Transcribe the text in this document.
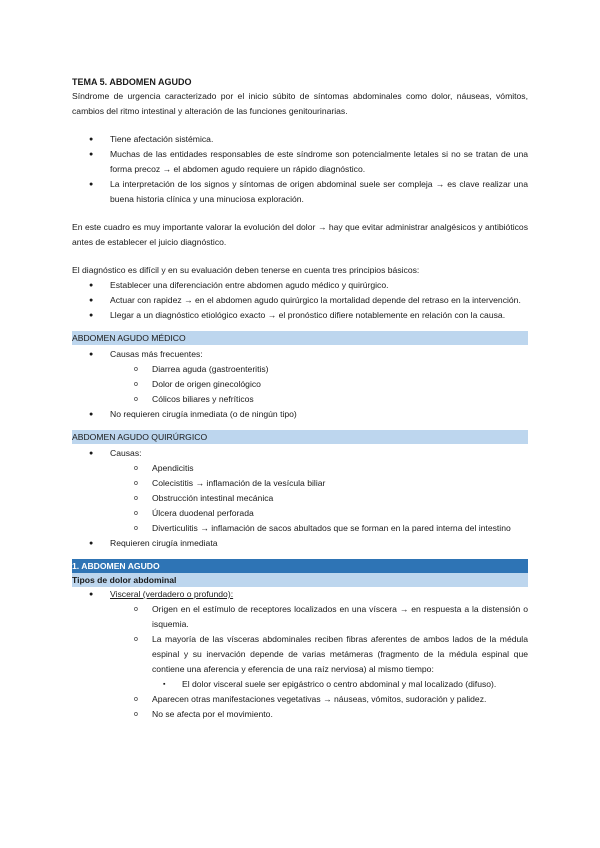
TEMA 5. ABDOMEN AGUDO
Síndrome de urgencia caracterizado por el inicio súbito de síntomas abdominales como dolor, náuseas, vómitos, cambios del ritmo intestinal y alteración de las funciones genitourinarias.
● Tiene afectación sistémica.
● Muchas de las entidades responsables de este síndrome son potencialmente letales si no se tratan de una forma precoz → el abdomen agudo requiere un rápido diagnóstico.
● La interpretación de los signos y síntomas de origen abdominal suele ser compleja → es clave realizar una buena historia clínica y una minuciosa exploración.
En este cuadro es muy importante valorar la evolución del dolor → hay que evitar administrar analgésicos y antibióticos antes de establecer el juicio diagnóstico.
El diagnóstico es difícil y en su evaluación deben tenerse en cuenta tres principios básicos:
● Establecer una diferenciación entre abdomen agudo médico y quirúrgico.
● Actuar con rapidez → en el abdomen agudo quirúrgico la mortalidad depende del retraso en la intervención.
● Llegar a un diagnóstico etiológico exacto → el pronóstico difiere notablemente en relación con la causa.
ABDOMEN AGUDO MÉDICO
● Causas más frecuentes:
o Diarrea aguda (gastroenteritis)
o Dolor de origen ginecológico
o Cólicos biliares y nefríticos
● No requieren cirugía inmediata (o de ningún tipo)
ABDOMEN AGUDO QUIRÚRGICO
● Causas:
o Apendicitis
o Colecistitis → inflamación de la vesícula biliar
o Obstrucción intestinal mecánica
o Úlcera duodenal perforada
o Diverticulitis → inflamación de sacos abultados que se forman en la pared interna del intestino
● Requieren cirugía inmediata
1. ABDOMEN AGUDO
Tipos de dolor abdominal
● Visceral (verdadero o profundo):
o Origen en el estímulo de receptores localizados en una víscera → en respuesta a la distensión o isquemia.
o La mayoría de las vísceras abdominales reciben fibras aferentes de ambos lados de la médula espinal y su inervación depende de varias metámeras (fragmento de la médula espinal que contiene una aferencia y eferencia de una raíz nerviosa) al mismo tiempo:
▪ El dolor visceral suele ser epigástrico o centro abdominal y mal localizado (difuso).
o Aparecen otras manifestaciones vegetativas → náuseas, vómitos, sudoración y palidez.
o No se afecta por el movimiento.
